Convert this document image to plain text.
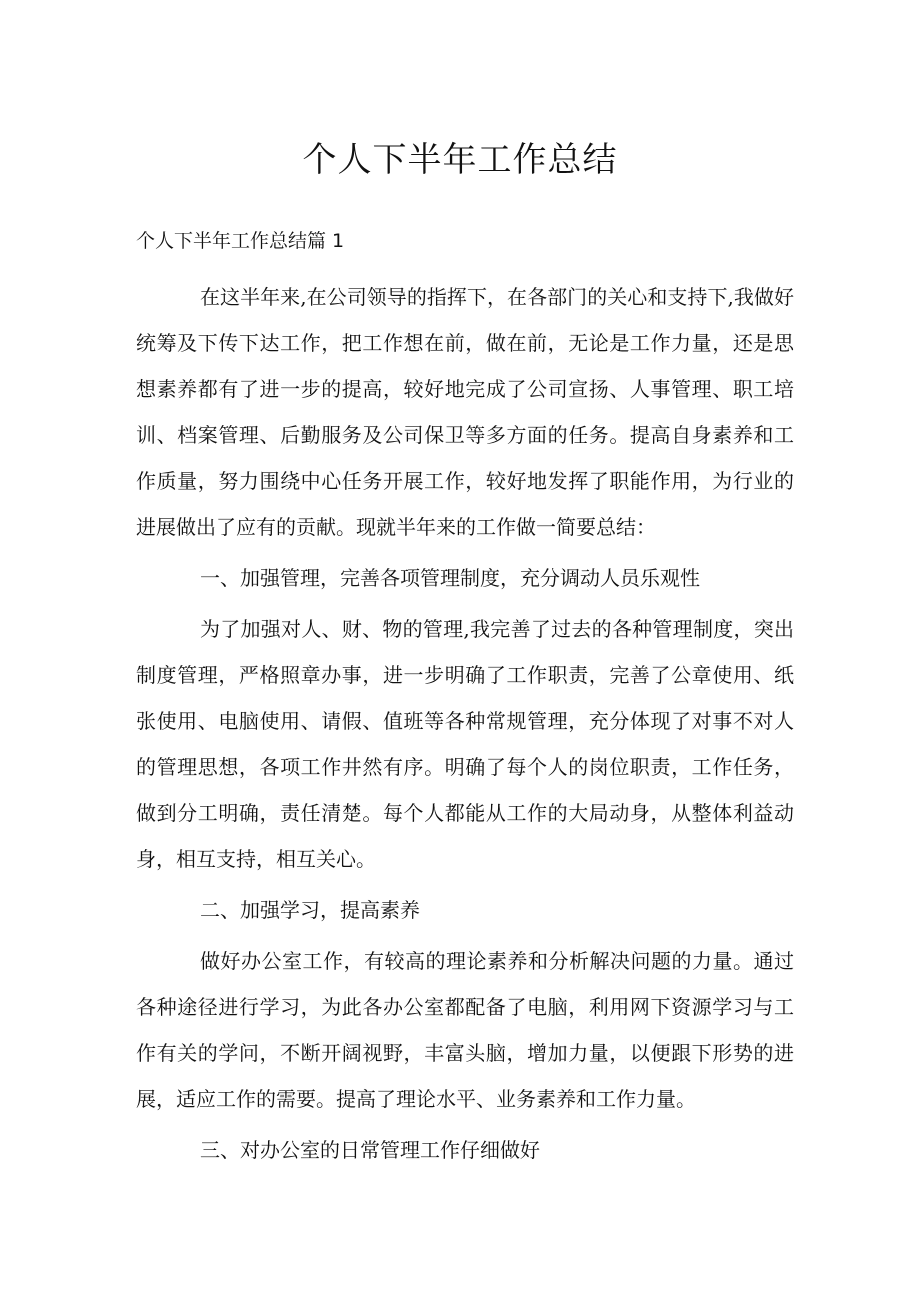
个人下半年工作总结

个人下半年工作总结篇 1

在这半年来,在公司领导的指挥下，在各部门的关心和支持下,我做好统筹及下传下达工作，把工作想在前，做在前，无论是工作力量，还是思想素养都有了进一步的提高，较好地完成了公司宣扬、人事管理、职工培训、档案管理、后勤服务及公司保卫等多方面的任务。提高自身素养和工作质量，努力围绕中心任务开展工作，较好地发挥了职能作用，为行业的进展做出了应有的贡献。现就半年来的工作做一简要总结：

一、加强管理，完善各项管理制度，充分调动人员乐观性

为了加强对人、财、物的管理,我完善了过去的各种管理制度，突出制度管理，严格照章办事，进一步明确了工作职责，完善了公章使用、纸张使用、电脑使用、请假、值班等各种常规管理，充分体现了对事不对人的管理思想，各项工作井然有序。明确了每个人的岗位职责，工作任务，做到分工明确，责任清楚。每个人都能从工作的大局动身，从整体利益动身，相互支持，相互关心。

二、加强学习，提高素养

做好办公室工作，有较高的理论素养和分析解决问题的力量。通过各种途径进行学习，为此各办公室都配备了电脑，利用网下资源学习与工作有关的学问，不断开阔视野，丰富头脑，增加力量，以便跟下形势的进展，适应工作的需要。提高了理论水平、业务素养和工作力量。

三、对办公室的日常管理工作仔细做好
